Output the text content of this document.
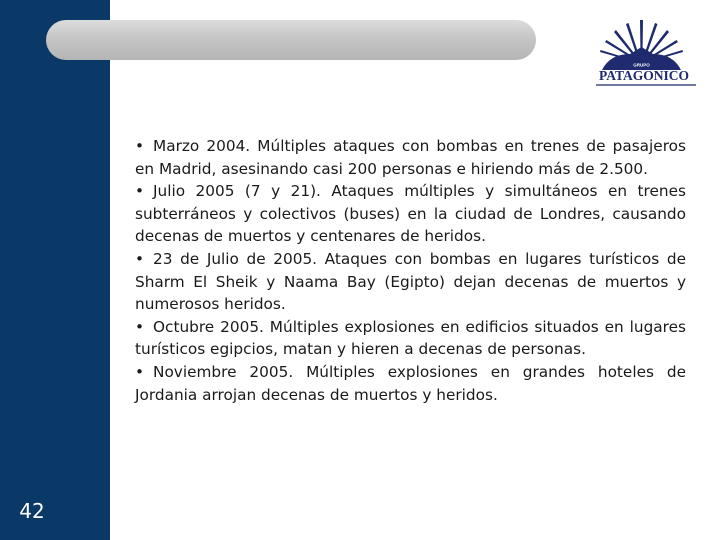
42
GRUPO
PATAGONICO
• Marzo 2004. Múltiples ataques con bombas en trenes de pasajeros en Madrid, asesinando casi 200 personas e hiriendo más de 2.500.
• Julio 2005 (7 y 21). Ataques múltiples y simultáneos en trenes subterráneos y colectivos (buses) en la ciudad de Londres, causando decenas de muertos y centenares de heridos.
• 23 de Julio de 2005. Ataques con bombas en lugares turísticos de Sharm El Sheik y Naama Bay (Egipto) dejan decenas de muertos y numerosos heridos.
• Octubre 2005. Múltiples explosiones en edificios situados en lugares turísticos egipcios, matan y hieren a decenas de personas.
• Noviembre 2005. Múltiples explosiones en grandes hoteles de Jordania arrojan decenas de muertos y heridos.
